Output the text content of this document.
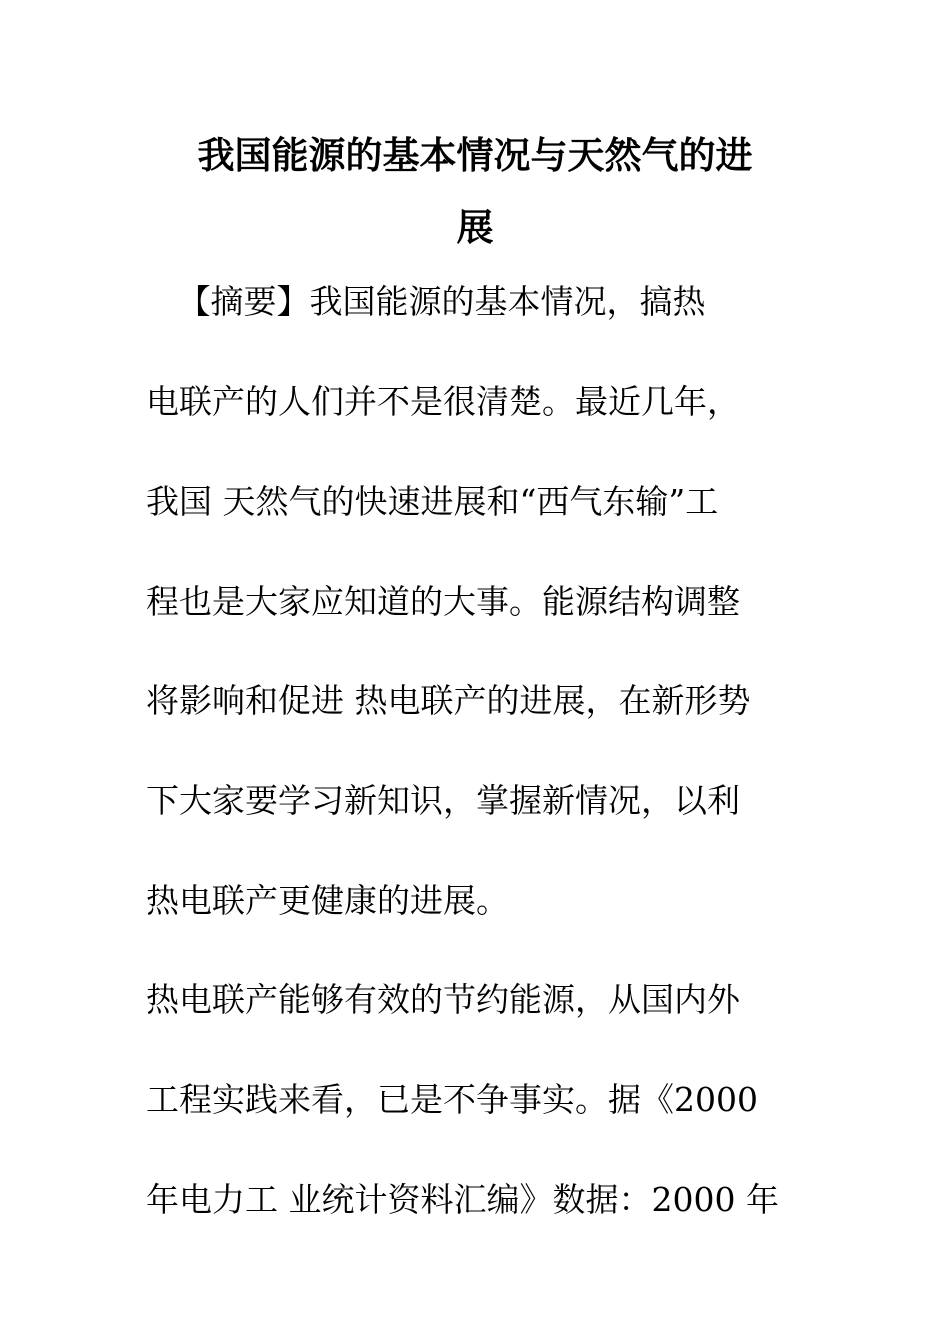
我国能源的基本情况与天然气的进
展
【摘要】我国能源的基本情况，搞热
电联产的人们并不是很清楚。最近几年，
我国 天然气的快速进展和“西气东输”工
程也是大家应知道的大事。能源结构调整
将影响和促进 热电联产的进展，在新形势
下大家要学习新知识，掌握新情况，以利
热电联产更健康的进展。
热电联产能够有效的节约能源，从国内外
工程实践来看，已是不争事实。据《2000
年电力工 业统计资料汇编》数据：2000 年
